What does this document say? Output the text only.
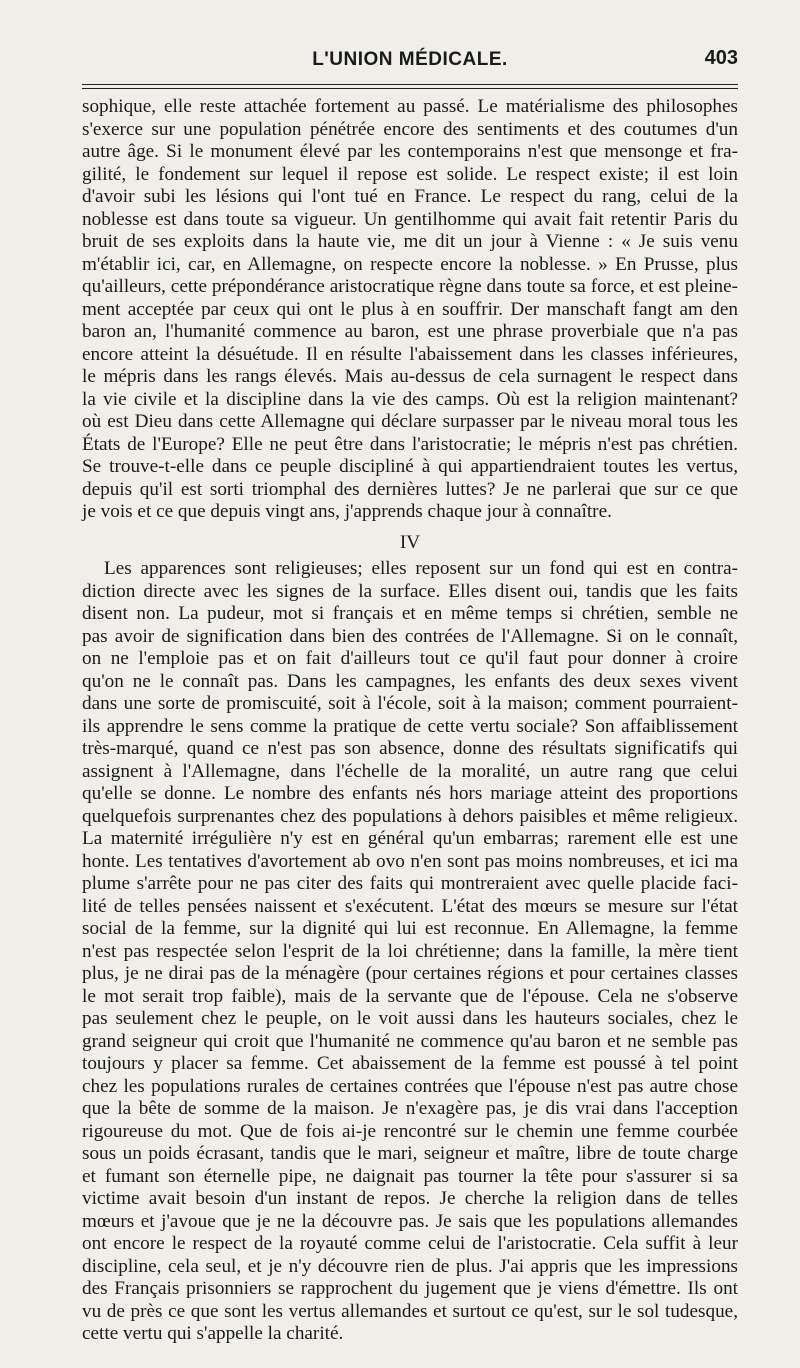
L'UNION MÉDICALE.	403
sophique, elle reste attachée fortement au passé. Le matérialisme des philosophes
s'exerce sur une population pénétrée encore des sentiments et des coutumes d'un
autre âge. Si le monument élevé par les contemporains n'est que mensonge et fra-
gilité, le fondement sur lequel il repose est solide. Le respect existe; il est loin
d'avoir subi les lésions qui l'ont tué en France. Le respect du rang, celui de la
noblesse est dans toute sa vigueur. Un gentilhomme qui avait fait retentir Paris du
bruit de ses exploits dans la haute vie, me dit un jour à Vienne : « Je suis venu
m'établir ici, car, en Allemagne, on respecte encore la noblesse. » En Prusse, plus
qu'ailleurs, cette prépondérance aristocratique règne dans toute sa force, et est pleine-
ment acceptée par ceux qui ont le plus à en souffrir. Der manschaft fangt am den
baron an, l'humanité commence au baron, est une phrase proverbiale que n'a pas
encore atteint la désuétude. Il en résulte l'abaissement dans les classes inférieures,
le mépris dans les rangs élevés. Mais au-dessus de cela surnagent le respect dans
la vie civile et la discipline dans la vie des camps. Où est la religion maintenant?
où est Dieu dans cette Allemagne qui déclare surpasser par le niveau moral tous les
États de l'Europe? Elle ne peut être dans l'aristocratie; le mépris n'est pas chrétien.
Se trouve-t-elle dans ce peuple discipliné à qui appartiendraient toutes les vertus,
depuis qu'il est sorti triomphal des dernières luttes? Je ne parlerai que sur ce que
je vois et ce que depuis vingt ans, j'apprends chaque jour à connaître.
IV
Les apparences sont religieuses; elles reposent sur un fond qui est en contra-
diction directe avec les signes de la surface. Elles disent oui, tandis que les faits
disent non. La pudeur, mot si français et en même temps si chrétien, semble ne
pas avoir de signification dans bien des contrées de l'Allemagne. Si on le connaît,
on ne l'emploie pas et on fait d'ailleurs tout ce qu'il faut pour donner à croire
qu'on ne le connaît pas. Dans les campagnes, les enfants des deux sexes vivent
dans une sorte de promiscuité, soit à l'école, soit à la maison; comment pourraient-
ils apprendre le sens comme la pratique de cette vertu sociale? Son affaiblissement
très-marqué, quand ce n'est pas son absence, donne des résultats significatifs qui
assignent à l'Allemagne, dans l'échelle de la moralité, un autre rang que celui
qu'elle se donne. Le nombre des enfants nés hors mariage atteint des proportions
quelquefois surprenantes chez des populations à dehors paisibles et même religieux.
La maternité irrégulière n'y est en général qu'un embarras; rarement elle est une
honte. Les tentatives d'avortement ab ovo n'en sont pas moins nombreuses, et ici ma
plume s'arrête pour ne pas citer des faits qui montreraient avec quelle placide faci-
lité de telles pensées naissent et s'exécutent. L'état des mœurs se mesure sur l'état
social de la femme, sur la dignité qui lui est reconnue. En Allemagne, la femme
n'est pas respectée selon l'esprit de la loi chrétienne; dans la famille, la mère tient
plus, je ne dirai pas de la ménagère (pour certaines régions et pour certaines classes
le mot serait trop faible), mais de la servante que de l'épouse. Cela ne s'observe
pas seulement chez le peuple, on le voit aussi dans les hauteurs sociales, chez le
grand seigneur qui croit que l'humanité ne commence qu'au baron et ne semble pas
toujours y placer sa femme. Cet abaissement de la femme est poussé à tel point
chez les populations rurales de certaines contrées que l'épouse n'est pas autre chose
que la bête de somme de la maison. Je n'exagère pas, je dis vrai dans l'acception
rigoureuse du mot. Que de fois ai-je rencontré sur le chemin une femme courbée
sous un poids écrasant, tandis que le mari, seigneur et maître, libre de toute charge
et fumant son éternelle pipe, ne daignait pas tourner la tête pour s'assurer si sa
victime avait besoin d'un instant de repos. Je cherche la religion dans de telles
mœurs et j'avoue que je ne la découvre pas. Je sais que les populations allemandes
ont encore le respect de la royauté comme celui de l'aristocratie. Cela suffit à leur
discipline, cela seul, et je n'y découvre rien de plus. J'ai appris que les impressions
des Français prisonniers se rapprochent du jugement que je viens d'émettre. Ils ont
vu de près ce que sont les vertus allemandes et surtout ce qu'est, sur le sol tudesque,
cette vertu qui s'appelle la charité.
